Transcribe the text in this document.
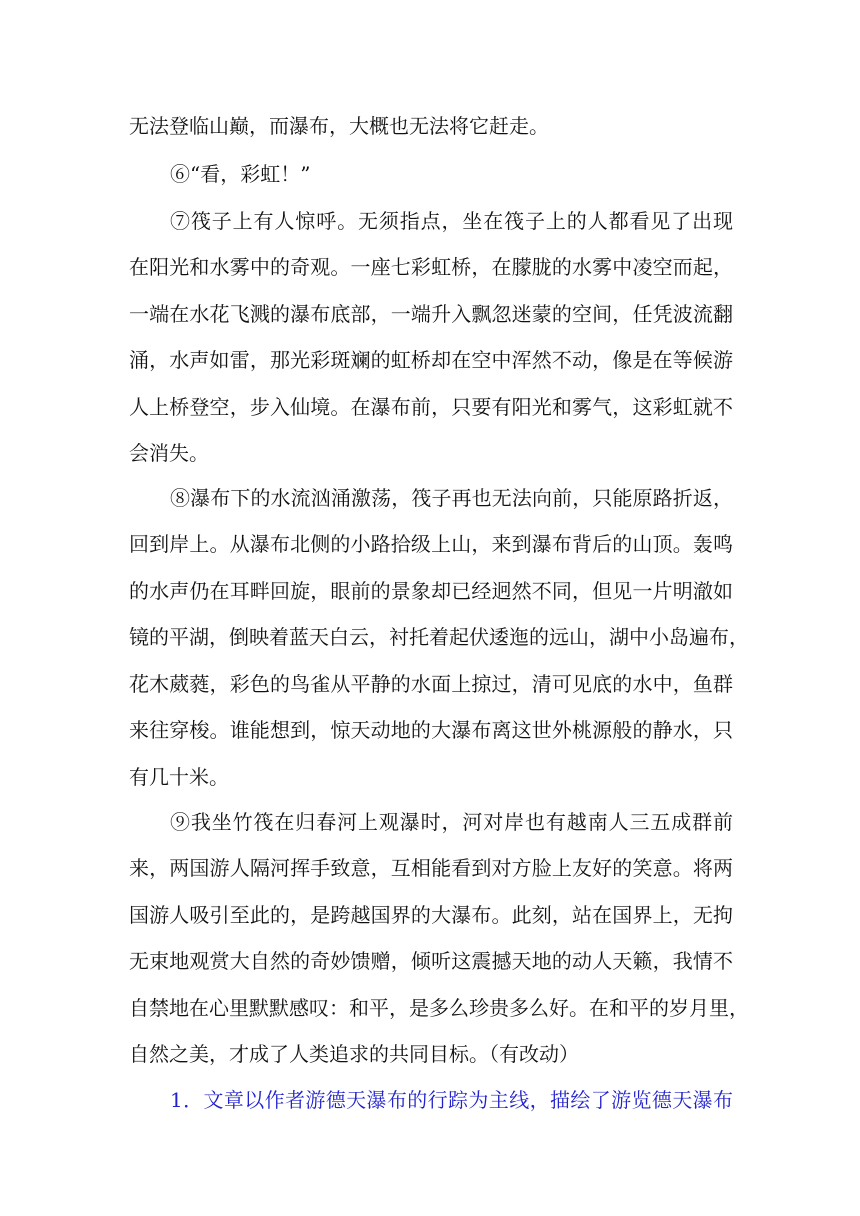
无法登临山巅，而瀑布，大概也无法将它赶走。
⑥“看，彩虹！”
⑦筏子上有人惊呼。无须指点，坐在筏子上的人都看见了出现
在阳光和水雾中的奇观。一座七彩虹桥，在朦胧的水雾中凌空而起，
一端在水花飞溅的瀑布底部，一端升入飘忽迷蒙的空间，任凭波流翻
涌，水声如雷，那光彩斑斓的虹桥却在空中浑然不动，像是在等候游
人上桥登空，步入仙境。在瀑布前，只要有阳光和雾气，这彩虹就不
会消失。
⑧瀑布下的水流汹涌激荡，筏子再也无法向前，只能原路折返，
回到岸上。从瀑布北侧的小路拾级上山，来到瀑布背后的山顶。轰鸣
的水声仍在耳畔回旋，眼前的景象却已经迥然不同，但见一片明澈如
镜的平湖，倒映着蓝天白云，衬托着起伏逶迤的远山，湖中小岛遍布，
花木葳蕤，彩色的鸟雀从平静的水面上掠过，清可见底的水中，鱼群
来往穿梭。谁能想到，惊天动地的大瀑布离这世外桃源般的静水，只
有几十米。
⑨我坐竹筏在归春河上观瀑时，河对岸也有越南人三五成群前
来，两国游人隔河挥手致意，互相能看到对方脸上友好的笑意。将两
国游人吸引至此的，是跨越国界的大瀑布。此刻，站在国界上，无拘
无束地观赏大自然的奇妙馈赠，倾听这震撼天地的动人天籁，我情不
自禁地在心里默默感叹：和平，是多么珍贵多么好。在和平的岁月里，
自然之美，才成了人类追求的共同目标。（有改动）
1．文章以作者游德天瀑布的行踪为主线，描绘了游览德天瀑布
